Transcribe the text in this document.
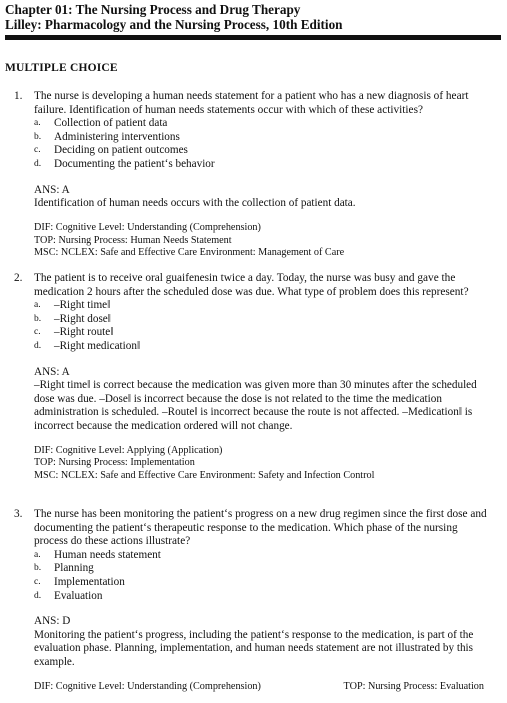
Chapter 01: The Nursing Process and Drug Therapy
Lilley: Pharmacology and the Nursing Process, 10th Edition
MULTIPLE CHOICE
1.	The nurse is developing a human needs statement for a patient who has a new diagnosis of heart failure. Identification of human needs statements occur with which of these activities?
a.	Collection of patient data
b.	Administering interventions
c.	Deciding on patient outcomes
d.	Documenting the patient‘s behavior
ANS: A
Identification of human needs occurs with the collection of patient data.
DIF: Cognitive Level: Understanding (Comprehension)
TOP: Nursing Process: Human Needs Statement
MSC: NCLEX: Safe and Effective Care Environment: Management of Care
2.	The patient is to receive oral guaifenesin twice a day. Today, the nurse was busy and gave the medication 2 hours after the scheduled dose was due. What type of problem does this represent?
a.	–Right time‖
b.	–Right dose‖
c.	–Right route‖
d.	–Right medication‖
ANS: A
–Right time‖ is correct because the medication was given more than 30 minutes after the scheduled dose was due. –Dose‖ is incorrect because the dose is not related to the time the medication administration is scheduled. –Route‖ is incorrect because the route is not affected. –Medication‖ is incorrect because the medication ordered will not change.
DIF: Cognitive Level: Applying (Application)
TOP: Nursing Process: Implementation
MSC: NCLEX: Safe and Effective Care Environment: Safety and Infection Control
3.	The nurse has been monitoring the patient‘s progress on a new drug regimen since the first dose and documenting the patient‘s therapeutic response to the medication. Which phase of the nursing process do these actions illustrate?
a.	Human needs statement
b.	Planning
c.	Implementation
d.	Evaluation
ANS: D
Monitoring the patient‘s progress, including the patient‘s response to the medication, is part of the evaluation phase. Planning, implementation, and human needs statement are not illustrated by this example.
DIF: Cognitive Level: Understanding (Comprehension)	TOP: Nursing Process: Evaluation
